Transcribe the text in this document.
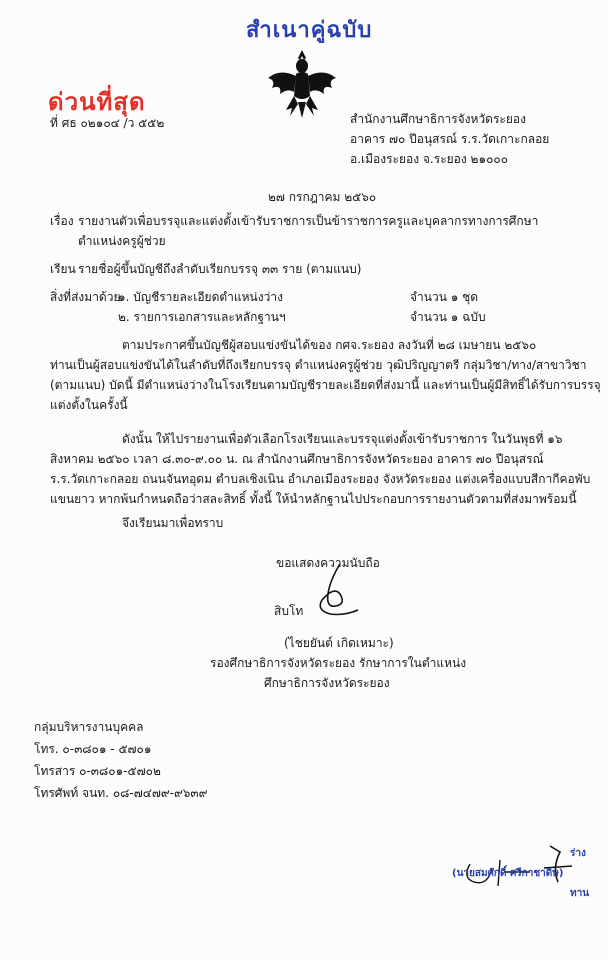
สำเนาคู่ฉบับ
ด่วนที่สุด
ที่ ศธ ๐๒๑๐๔ /ว ๕๕๒	สำนักงานศึกษาธิการจังหวัดระยอง
อาคาร ๗๐ ปีอนุสรณ์ ร.ร.วัดเกาะกลอย
อ.เมืองระยอง จ.ระยอง ๒๑๐๐๐
๒๗ กรกฎาคม ๒๕๖๐
เรื่อง รายงานตัวเพื่อบรรจุและแต่งตั้งเข้ารับราชการเป็นข้าราชการครูและบุคลากรทางการศึกษา
ตำแหน่งครูผู้ช่วย
เรียน รายชื่อผู้ขึ้นบัญชีถึงลำดับเรียกบรรจุ ๓๓ ราย (ตามแนบ)
สิ่งที่ส่งมาด้วย
๑. บัญชีรายละเอียดตำแหน่งว่าง	จำนวน ๑ ชุด
๒. รายการเอกสารและหลักฐานฯ	จำนวน ๑ ฉบับ
ตามประกาศขึ้นบัญชีผู้สอบแข่งขันได้ของ กศจ.ระยอง ลงวันที่ ๒๘ เมษายน ๒๕๖๐
ท่านเป็นผู้สอบแข่งขันได้ในลำดับที่ถึงเรียกบรรจุ ตำแหน่งครูผู้ช่วย วุฒิปริญญาตรี กลุ่มวิชา/ทาง/สาขาวิชา
(ตามแนบ) บัดนี้ มีตำแหน่งว่างในโรงเรียนตามบัญชีรายละเอียดที่ส่งมานี้ และท่านเป็นผู้มีสิทธิ์ได้รับการบรรจุ
แต่งตั้งในครั้งนี้
ดังนั้น ให้ไปรายงานเพื่อตัวเลือกโรงเรียนและบรรจุแต่งตั้งเข้ารับราชการ ในวันพุธที่ ๑๖
สิงหาคม ๒๕๖๐ เวลา ๘.๓๐-๙.๐๐ น. ณ สำนักงานศึกษาธิการจังหวัดระยอง อาคาร ๗๐ ปีอนุสรณ์
ร.ร.วัดเกาะกลอย ถนนจันทอุดม ตำบลเชิงเนิน อำเภอเมืองระยอง จังหวัดระยอง แต่งเครื่องแบบสีกากีคอพับ
แขนยาว หากพ้นกำหนดถือว่าสละสิทธิ์ ทั้งนี้ ให้นำหลักฐานไปประกอบการรายงานตัวตามที่ส่งมาพร้อมนี้
จึงเรียนมาเพื่อทราบ
ขอแสดงความนับถือ
สิบโท
(ไชยยันต์ เกิดเหมาะ)
รองศึกษาธิการจังหวัดระยอง รักษาการในตำแหน่ง
ศึกษาธิการจังหวัดระยอง
กลุ่มบริหารงานบุคคล
โทร. ๐-๓๘๐๑ - ๕๗๐๑
โทรสาร ๐-๓๘๐๑-๕๗๐๒
โทรศัพท์ จนท. ๐๘-๗๔๗๙-๙๖๓๙
ร่าง
(นายสมศักดิ์ ศรีกาชาดิษ)
ทาน
